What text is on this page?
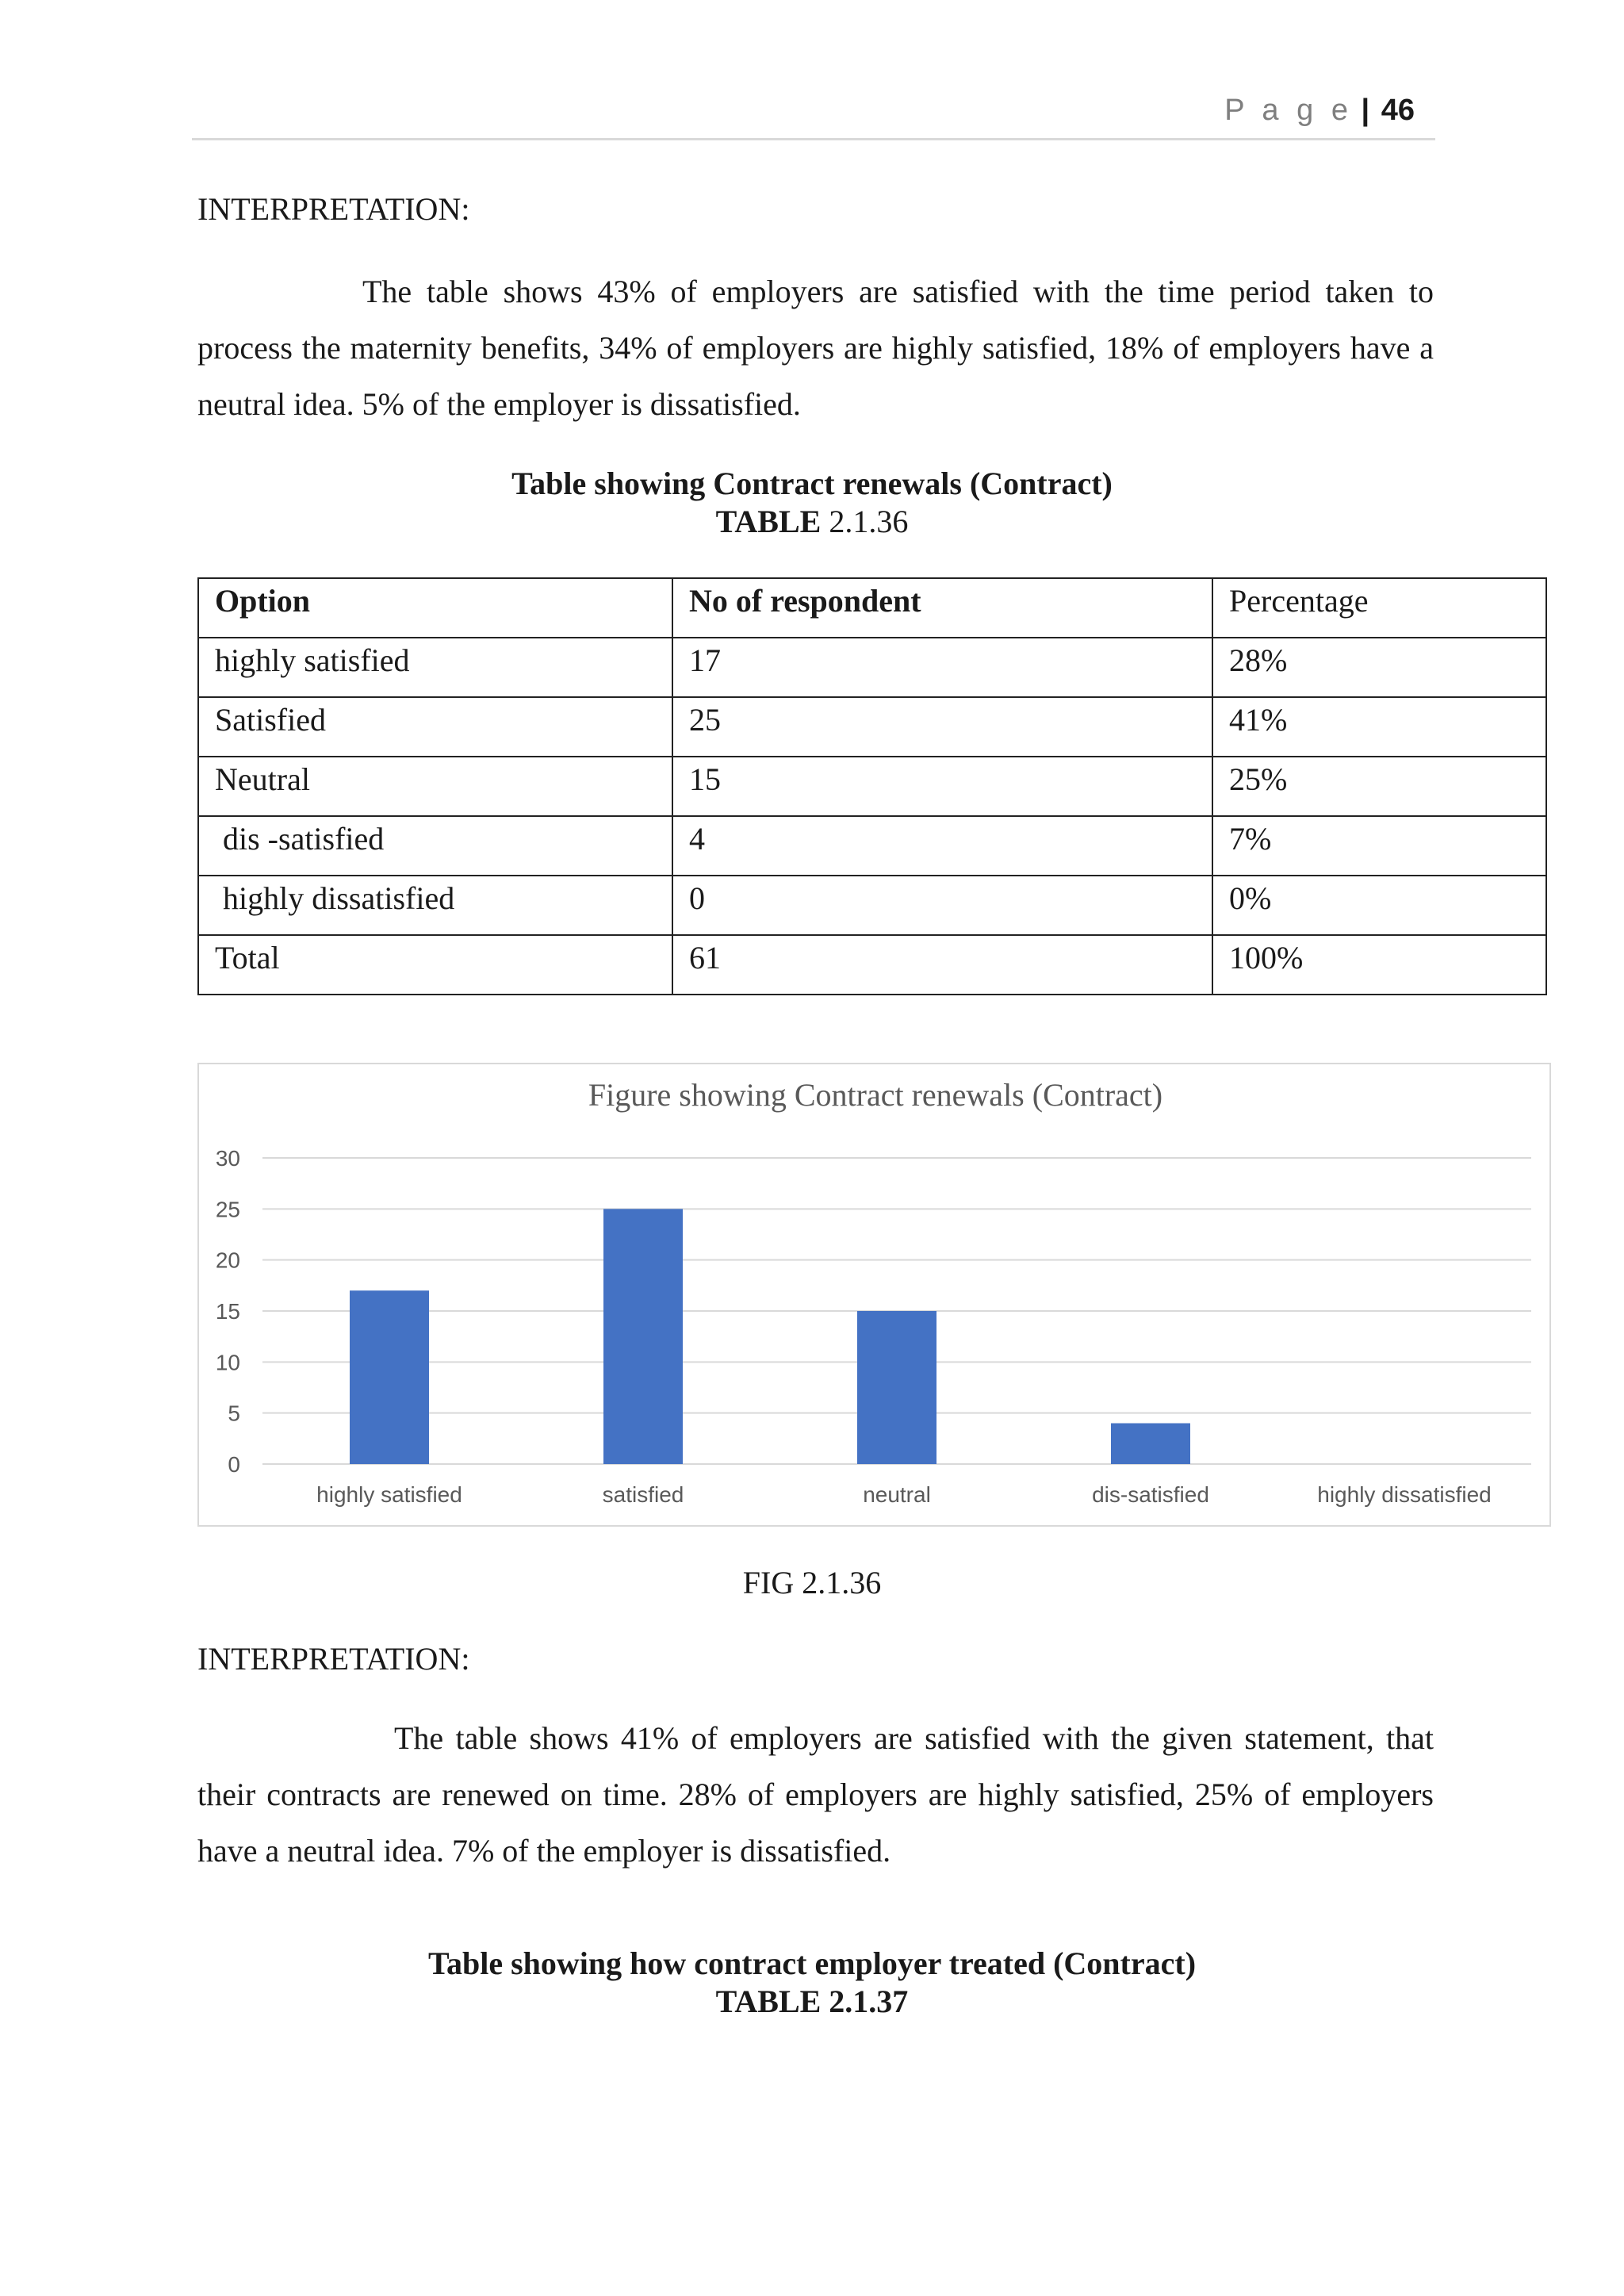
P a g e | 46
INTERPRETATION:

The table shows 43% of employers are satisfied with the time period taken to process the maternity benefits, 34% of employers are highly satisfied, 18% of employers have a neutral idea. 5% of the employer is dissatisfied.

Table showing Contract renewals (Contract)
TABLE 2.1.36
Option	No of respondent	Percentage
highly satisfied	17	28%
Satisfied	25	41%
Neutral	15	25%
dis -satisfied	4	7%
highly dissatisfied	0	0%
Total	61	100%
Figure showing Contract renewals (Contract)
0
5
10
15
20
25
30
highly satisfied	satisfied	neutral	dis-satisfied	highly dissatisfied
FIG 2.1.36
INTERPRETATION:

The table shows 41% of employers are satisfied with the given statement, that their contracts are renewed on time. 28% of employers are highly satisfied, 25% of employers have a neutral idea. 7% of the employer is dissatisfied.

Table showing how contract employer treated (Contract)
TABLE 2.1.37
